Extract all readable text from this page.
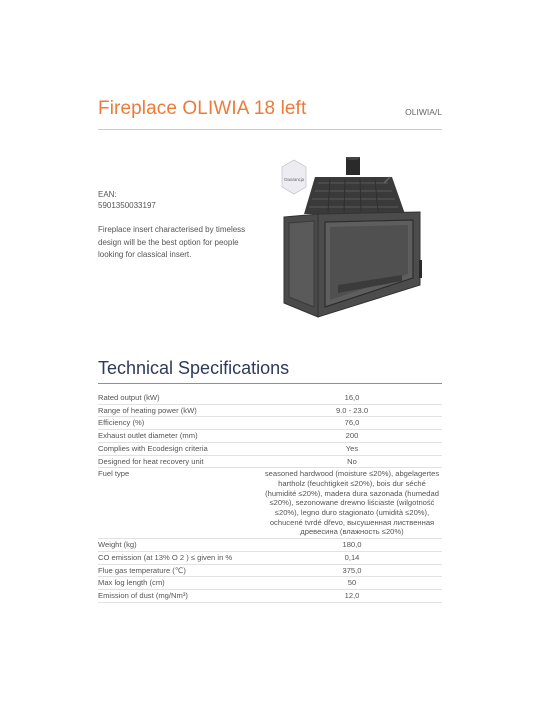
Fireplace OLIWIA 18 left	OLIWIA/L
EAN:
5901350033197
Fireplace insert characterised by timeless design will be the best option for people looking for classical insert.
Gwarancja
Technical Specifications
Rated output (kW)	16,0
Range of heating power (kW)	9.0 - 23.0
Efficiency (%)	76,0
Exhaust outlet diameter (mm)	200
Complies with Ecodesign criteria	Yes
Designed for heat recovery unit	No
Fuel type	seasoned hardwood (moisture ≤20%), abgelagertes hartholz (feuchtigkeit ≤20%), bois dur séché (humidité ≤20%), madera dura sazonada (humedad ≤20%), sezonowane drewno liściaste (wilgotność ≤20%), legno duro stagionato (umidità ≤20%), ochucené tvrdé dřevo, высушенная лиственная древесина (влажность ≤20%)
Weight (kg)	180,0
CO emission (at 13% O 2 ) ≤ given in %	0,14
Flue gas temperature (℃)	375,0
Max log length (cm)	50
Emission of dust (mg/Nm³)	12,0
